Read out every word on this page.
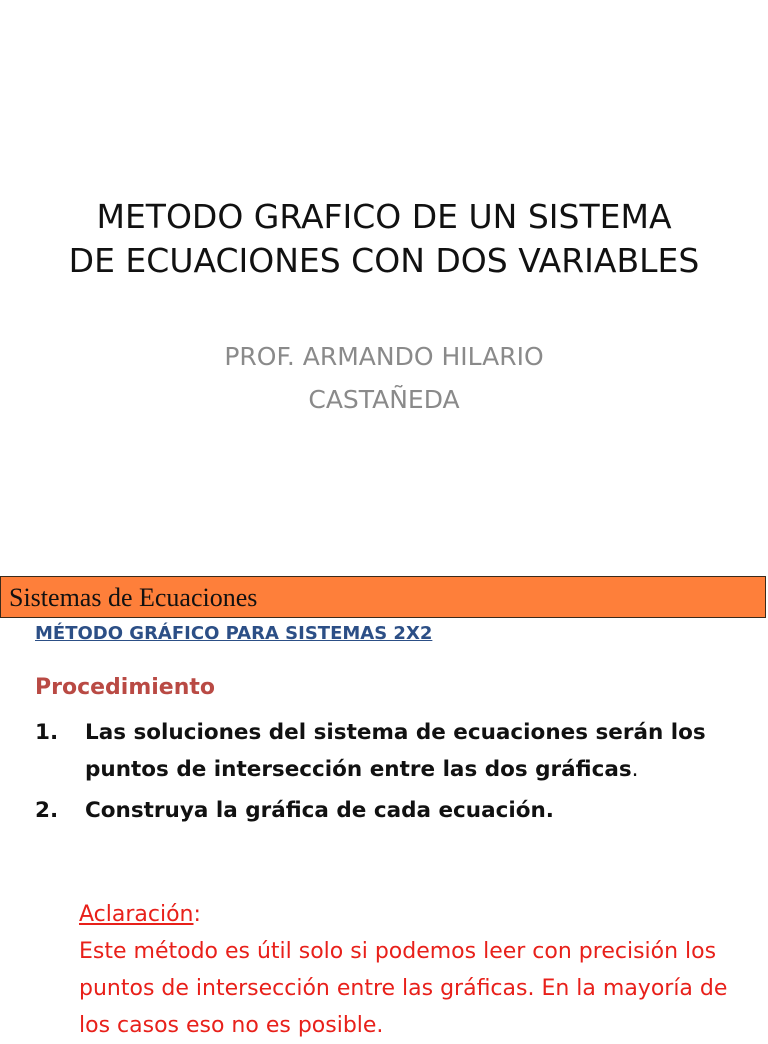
METODO GRAFICO DE UN SISTEMA
DE ECUACIONES CON DOS VARIABLES
PROF. ARMANDO HILARIO
CASTAÑEDA
Sistemas de Ecuaciones
MÉTODO GRÁFICO PARA SISTEMAS 2X2
Procedimiento
1. Las soluciones del sistema de ecuaciones serán los puntos de intersección entre las dos gráficas.
2. Construya la gráfica de cada ecuación.
Aclaración:
Este método es útil solo si podemos leer con precisión los puntos de intersección entre las gráficas. En la mayoría de los casos eso no es posible.
